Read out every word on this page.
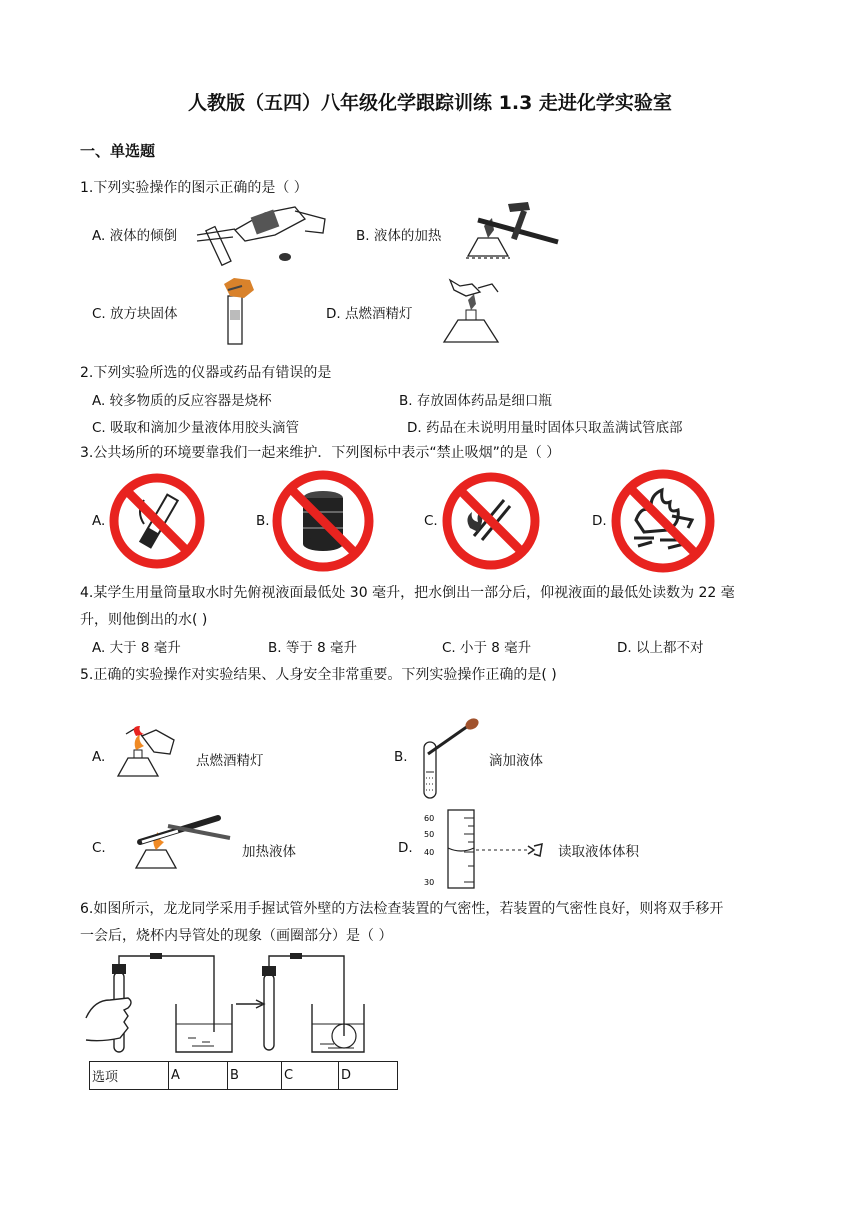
人教版（五四）八年级化学跟踪训练 1.3 走进化学实验室
一、单选题
1.下列实验操作的图示正确的是（ ）
A. 液体的倾倒	B. 液体的加热
C. 放方块固体	D. 点燃酒精灯
2.下列实验所选的仪器或药品有错误的是
A. 较多物质的反应容器是烧杯	B. 存放固体药品是细口瓶
C. 吸取和滴加少量液体用胶头滴管	D. 药品在未说明用量时固体只取盖满试管底部
3.公共场所的环境要靠我们一起来维护．下列图标中表示“禁止吸烟”的是（ ）
A.	B.	C.	D.
4.某学生用量筒量取水时先俯视液面最低处 30 毫升，把水倒出一部分后，仰视液面的最低处读数为 22 毫
升，则他倒出的水( )
A. 大于 8 毫升	B. 等于 8 毫升	C. 小于 8 毫升	D. 以上都不对
5.正确的实验操作对实验结果、人身安全非常重要。下列实验操作正确的是( )
A.	点燃酒精灯	B.	滴加液体
C.	加热液体	D.
60
50
40
30
读取液体体积
6.如图所示，龙龙同学采用手握试管外壁的方法检查装置的气密性，若装置的气密性良好，则将双手移开
一会后，烧杯内导管处的现象（画圈部分）是（ ）
选项	A	B	C	D
